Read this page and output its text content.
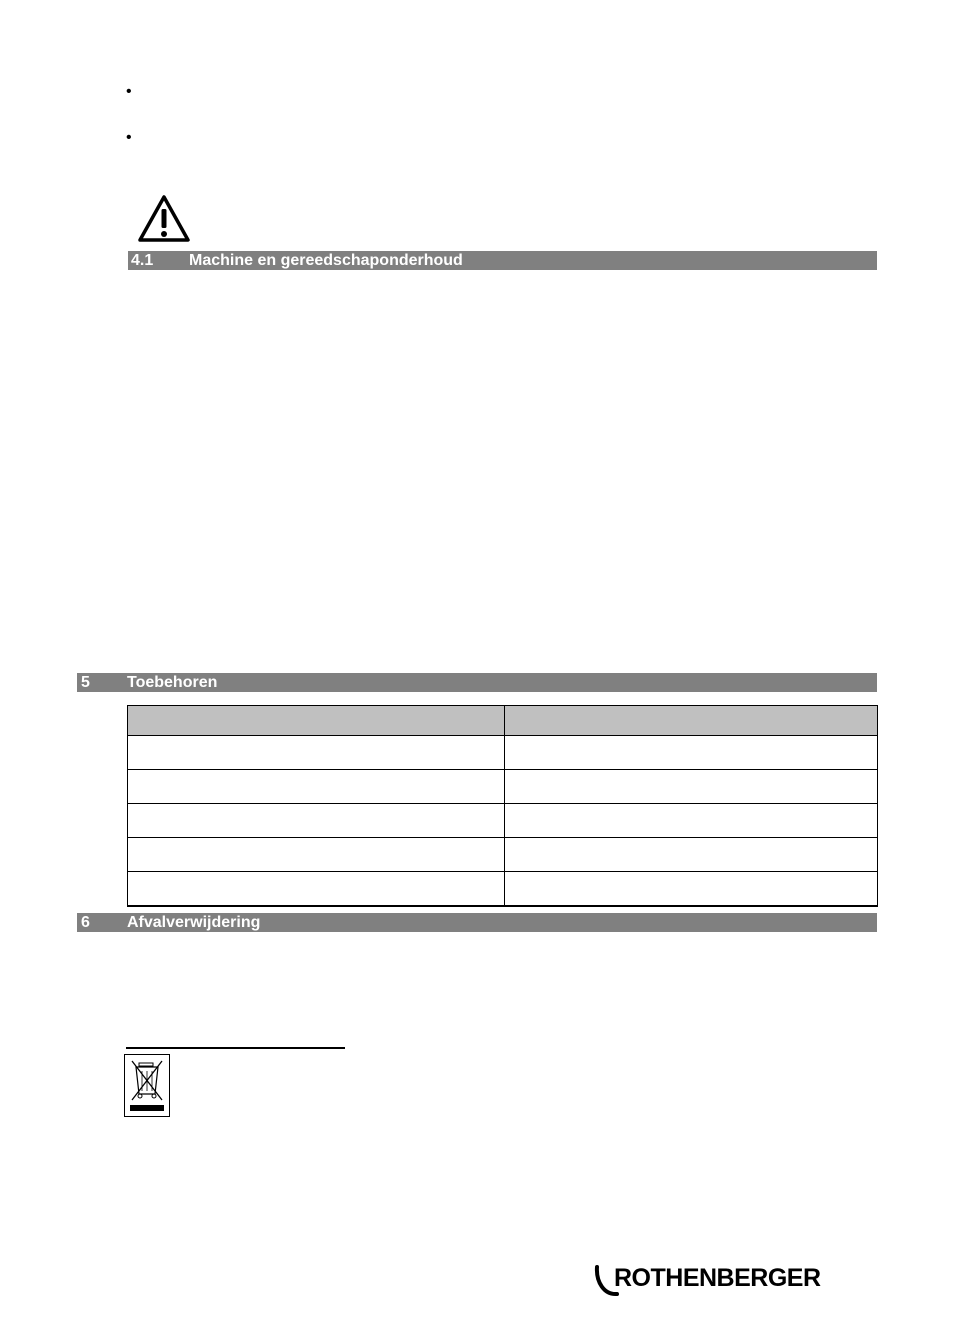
•
•
4.1 Machine en gereedschaponderhoud
5 Toebehoren

6 Afvalverwijdering
ROTHENBERGER
